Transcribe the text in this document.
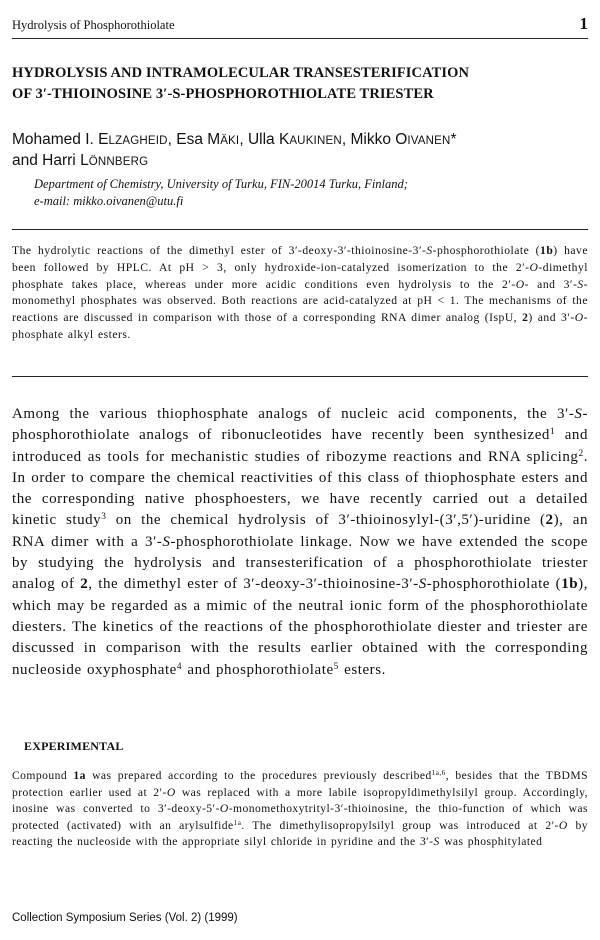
Hydrolysis of Phosphorothiolate	1
HYDROLYSIS AND INTRAMOLECULAR TRANSESTERIFICATION
OF 3′-THIOINOSINE 3′-S-PHOSPHOROTHIOLATE TRIESTER
Mohamed I. ELZAGHEID, Esa MÄKI, Ulla KAUKINEN, Mikko OIVANEN*
and Harri LÖNNBERG
Department of Chemistry, University of Turku, FIN-20014 Turku, Finland;
e-mail: mikko.oivanen@utu.fi

The hydrolytic reactions of the dimethyl ester of 3′-deoxy-3′-thioinosine-3′-S-phosphorothiolate (1b) have been followed by HPLC. At pH > 3, only hydroxide-ion-catalyzed isomerization to the 2′-O-dimethyl phosphate takes place, whereas under more acidic conditions even hydrolysis to the 2′-O- and 3′-S-monomethyl phosphates was observed. Both reactions are acid-catalyzed at pH < 1. The mechanisms of the reactions are discussed in comparison with those of a corresponding RNA dimer analog (IspU, 2) and 3′-O-phosphate alkyl esters.

Among the various thiophosphate analogs of nucleic acid components, the 3′-S-phosphorothiolate analogs of ribonucleotides have recently been synthesized$^1$ and introduced as tools for mechanistic studies of ribozyme reactions and RNA splicing$^2$. In order to compare the chemical reactivities of this class of thiophosphate esters and the corresponding native phosphoesters, we have recently carried out a detailed kinetic study$^3$ on the chemical hydrolysis of 3′-thioinosylyl-(3′,5′)-uridine (2), an RNA dimer with a 3′-S-phosphorothiolate linkage. Now we have extended the scope by studying the hydrolysis and transesterification of a phosphorothiolate triester analog of 2, the dimethyl ester of 3′-deoxy-3′-thioinosine-3′-S-phosphorothiolate (1b), which may be regarded as a mimic of the neutral ionic form of the phosphorothiolate diesters. The kinetics of the reactions of the phosphorothiolate diester and triester are discussed in comparison with the results earlier obtained with the corresponding nucleoside oxyphosphate$^4$ and phosphorothiolate$^5$ esters.

EXPERIMENTAL

Compound 1a was prepared according to the procedures previously described$^{1a,6}$, besides that the TBDMS protection earlier used at 2′-O was replaced with a more labile isopropyldimethylsilyl group. Accordingly, inosine was converted to 3′-deoxy-5′-O-monomethoxytrityl-3′-thioinosine, the thio-function of which was protected (activated) with an arylsulfide$^{1a}$. The dimethylisopropylsilyl group was introduced at 2′-O by reacting the nucleoside with the appropriate silyl chloride in pyridine and the 3′-S was phosphitylated

Collection Symposium Series (Vol. 2) (1999)
